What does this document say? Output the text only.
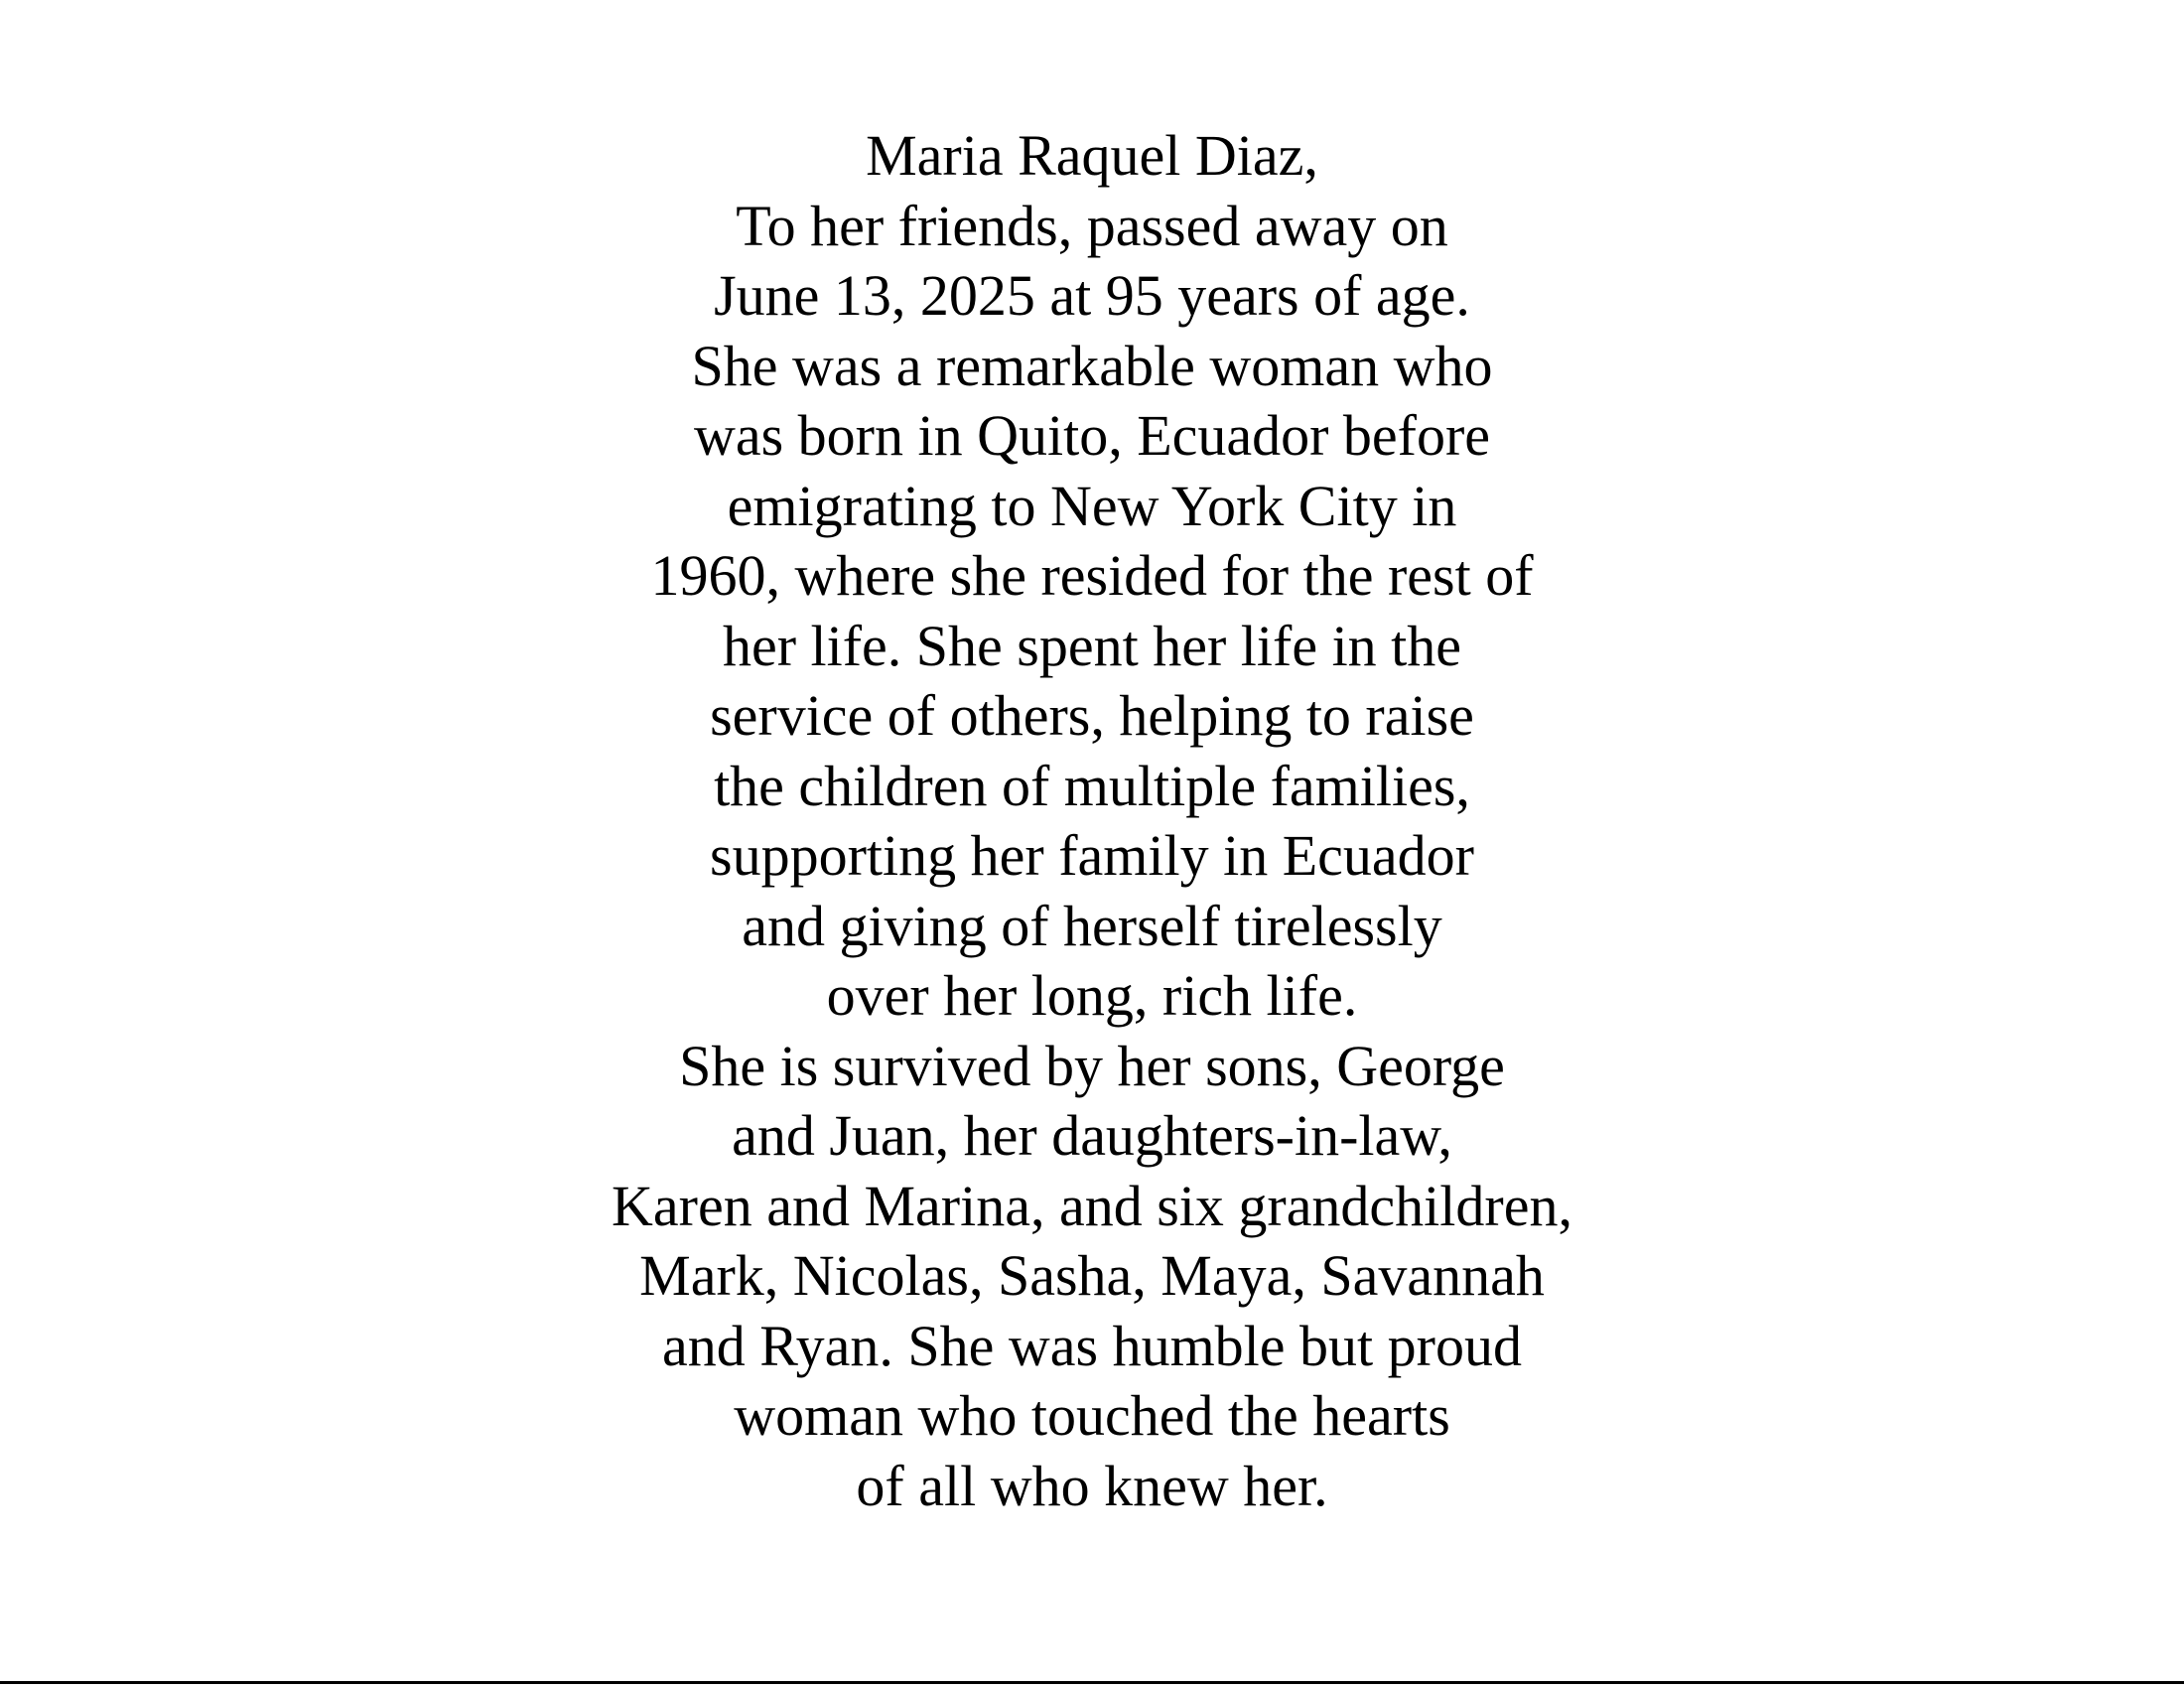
Maria Raquel Diaz,
To her friends, passed away on
June 13, 2025 at 95 years of age.
She was a remarkable woman who
was born in Quito, Ecuador before
emigrating to New York City in
1960, where she resided for the rest of
her life. She spent her life in the
service of others, helping to raise
the children of multiple families,
supporting her family in Ecuador
and giving of herself tirelessly
over her long, rich life.
She is survived by her sons, George
and Juan, her daughters-in-law,
Karen and Marina, and six grandchildren,
Mark, Nicolas, Sasha, Maya, Savannah
and Ryan. She was humble but proud
woman who touched the hearts
of all who knew her.
